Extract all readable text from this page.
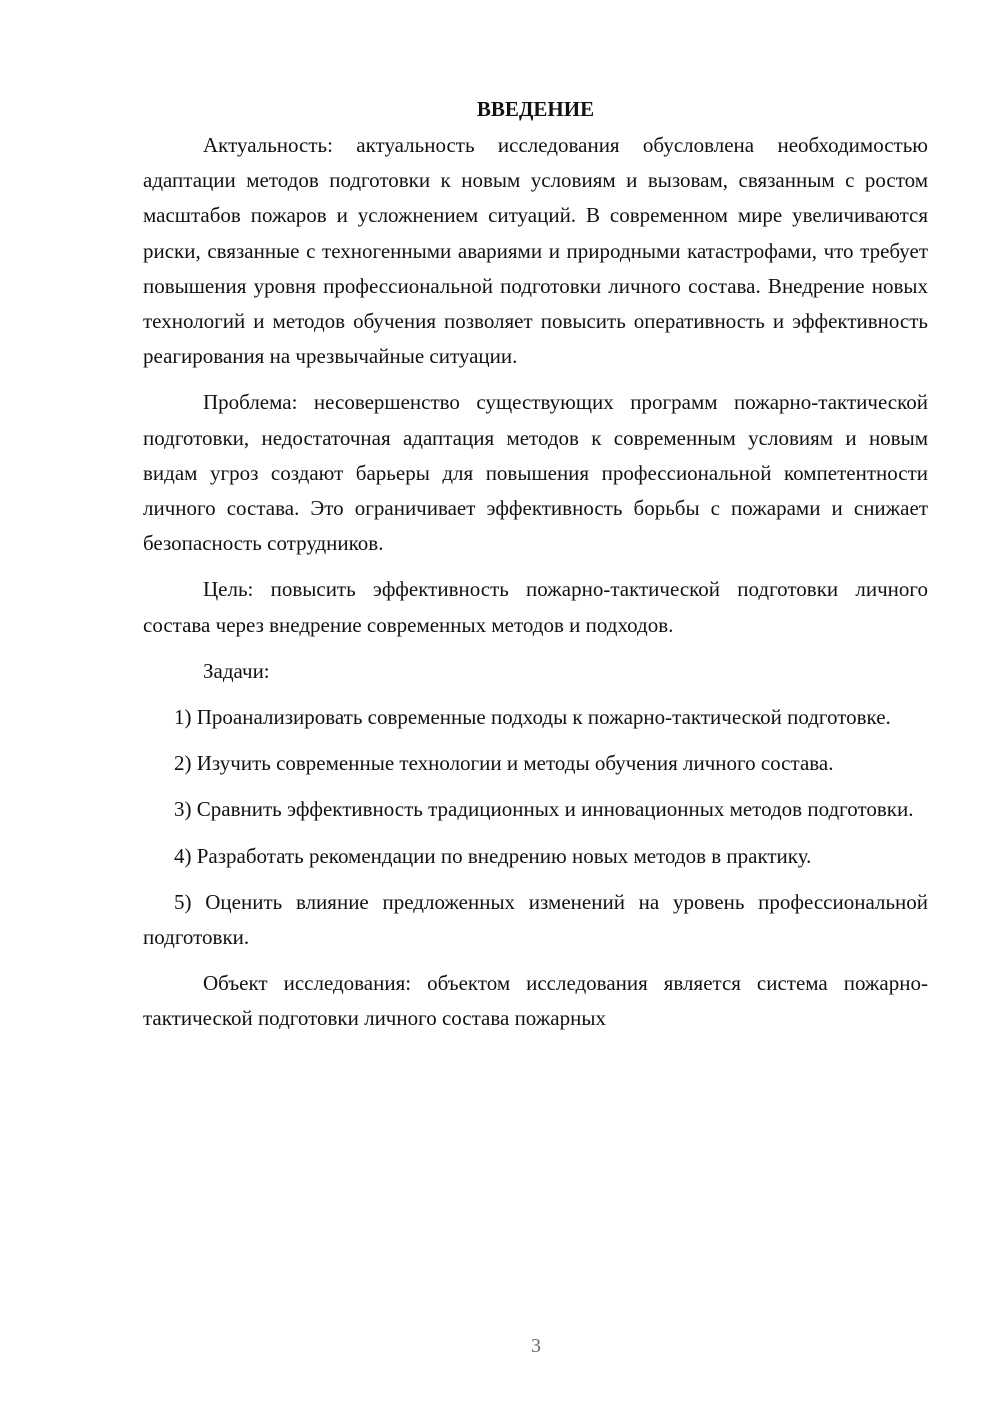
ВВЕДЕНИЕ

Актуальность: актуальность исследования обусловлена необходимостью адаптации методов подготовки к новым условиям и вызовам, связанным с ростом масштабов пожаров и усложнением ситуаций. В современном мире увеличиваются риски, связанные с техногенными авариями и природными катастрофами, что требует повышения уровня профессиональной подготовки личного состава. Внедрение новых технологий и методов обучения позволяет повысить оперативность и эффективность реагирования на чрезвычайные ситуации.

Проблема: несовершенство существующих программ пожарно-тактической подготовки, недостаточная адаптация методов к современным условиям и новым видам угроз создают барьеры для повышения профессиональной компетентности личного состава. Это ограничивает эффективность борьбы с пожарами и снижает безопасность сотрудников.

Цель: повысить эффективность пожарно-тактической подготовки личного состава через внедрение современных методов и подходов.

Задачи:

1) Проанализировать современные подходы к пожарно-тактической подготовке.

2) Изучить современные технологии и методы обучения личного состава.

3) Сравнить эффективность традиционных и инновационных методов подготовки.

4) Разработать рекомендации по внедрению новых методов в практику.

5) Оценить влияние предложенных изменений на уровень профессиональной подготовки.

Объект исследования: объектом исследования является система пожарно-тактической подготовки личного состава пожарных

3
